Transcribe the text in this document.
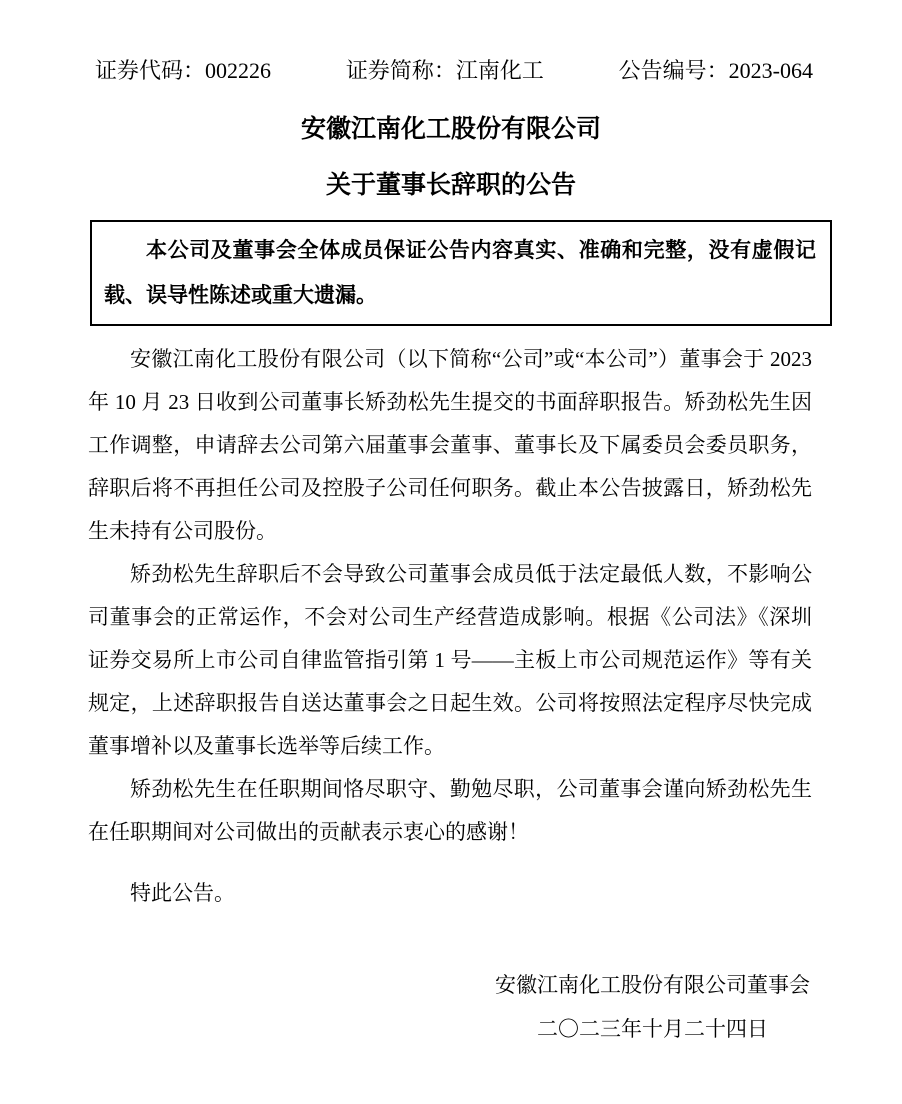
证券代码：002226	证券简称：江南化工	公告编号：2023-064
安徽江南化工股份有限公司
关于董事长辞职的公告

本公司及董事会全体成员保证公告内容真实、准确和完整，没有虚假记载、误导性陈述或重大遗漏。

安徽江南化工股份有限公司（以下简称“公司”或“本公司”）董事会于 2023 年 10 月 23 日收到公司董事长矫劲松先生提交的书面辞职报告。矫劲松先生因工作调整，申请辞去公司第六届董事会董事、董事长及下属委员会委员职务，辞职后将不再担任公司及控股子公司任何职务。截止本公告披露日，矫劲松先生未持有公司股份。

矫劲松先生辞职后不会导致公司董事会成员低于法定最低人数，不影响公司董事会的正常运作，不会对公司生产经营造成影响。根据《公司法》《深圳证券交易所上市公司自律监管指引第 1 号——主板上市公司规范运作》等有关规定，上述辞职报告自送达董事会之日起生效。公司将按照法定程序尽快完成董事增补以及董事长选举等后续工作。

矫劲松先生在任职期间恪尽职守、勤勉尽职，公司董事会谨向矫劲松先生在任职期间对公司做出的贡献表示衷心的感谢！

特此公告。

安徽江南化工股份有限公司董事会
二〇二三年十月二十四日
